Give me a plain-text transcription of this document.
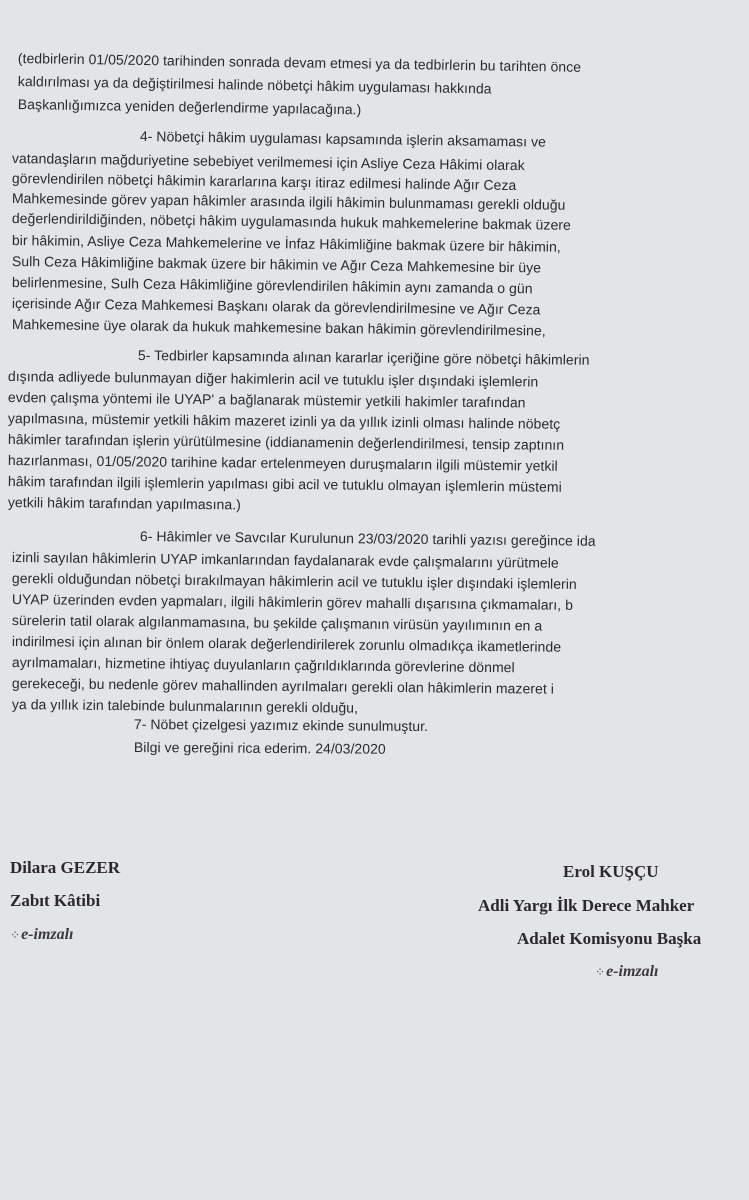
(tedbirlerin 01/05/2020 tarihinden sonrada devam etmesi ya da tedbirlerin bu tarihten önce
kaldırılması ya da değiştirilmesi halinde nöbetçi hâkim uygulaması hakkında
Başkanlığımızca yeniden değerlendirme yapılacağına.)
4- Nöbetçi hâkim uygulaması kapsamında işlerin aksamaması ve
vatandaşların mağduriyetine sebebiyet verilmemesi için Asliye Ceza Hâkimi olarak
görevlendirilen nöbetçi hâkimin kararlarına karşı itiraz edilmesi halinde Ağır Ceza
Mahkemesinde görev yapan hâkimler arasında ilgili hâkimin bulunmaması gerekli olduğu
değerlendirildiğinden, nöbetçi hâkim uygulamasında hukuk mahkemelerine bakmak üzere
bir hâkimin, Asliye Ceza Mahkemelerine ve İnfaz Hâkimliğine bakmak üzere bir hâkimin,
Sulh Ceza Hâkimliğine bakmak üzere bir hâkimin ve Ağır Ceza Mahkemesine bir üye
belirlenmesine, Sulh Ceza Hâkimliğine görevlendirilen hâkimin aynı zamanda o gün
içerisinde Ağır Ceza Mahkemesi Başkanı olarak da görevlendirilmesine ve Ağır Ceza
Mahkemesine üye olarak da hukuk mahkemesine bakan hâkimin görevlendirilmesine,
5- Tedbirler kapsamında alınan kararlar içeriğine göre nöbetçi hâkimlerin
dışında adliyede bulunmayan diğer hakimlerin acil ve tutuklu işler dışındaki işlemlerin
evden çalışma yöntemi ile UYAP' a bağlanarak müstemir yetkili hakimler tarafından
yapılmasına, müstemir yetkili hâkim mazeret izinli ya da yıllık izinli olması halinde nöbetç
hâkimler tarafından işlerin yürütülmesine (iddianamenin değerlendirilmesi, tensip zaptının
hazırlanması, 01/05/2020 tarihine kadar ertelenmeyen duruşmaların ilgili müstemir yetkil
hâkim tarafından ilgili işlemlerin yapılması gibi acil ve tutuklu olmayan işlemlerin müstemi
yetkili hâkim tarafından yapılmasına.)
6- Hâkimler ve Savcılar Kurulunun 23/03/2020 tarihli yazısı gereğince ida
izinli sayılan hâkimlerin UYAP imkanlarından faydalanarak evde çalışmalarını yürütmele
gerekli olduğundan nöbetçi bırakılmayan hâkimlerin acil ve tutuklu işler dışındaki işlemlerin
UYAP üzerinden evden yapmaları, ilgili hâkimlerin görev mahalli dışarısına çıkmamaları, b
sürelerin tatil olarak algılanmamasına, bu şekilde çalışmanın virüsün yayılımının en a
indirilmesi için alınan bir önlem olarak değerlendirilerek zorunlu olmadıkça ikametlerinde
ayrılmamaları, hizmetine ihtiyaç duyulanların çağrıldıklarında görevlerine dönmel
gerekeceği, bu nedenle görev mahallinden ayrılmaları gerekli olan hâkimlerin mazeret i
ya da yıllık izin talebinde bulunmalarının gerekli olduğu,
7- Nöbet çizelgesi yazımız ekinde sunulmuştur.
Bilgi ve gereğini rica ederim. 24/03/2020
Dilara GEZER
Zabıt Kâtibi
⁘ e-imzalı
Erol KUŞÇU
Adli Yargı İlk Derece Mahker
Adalet Komisyonu Başka
⁘ e-imzalı
